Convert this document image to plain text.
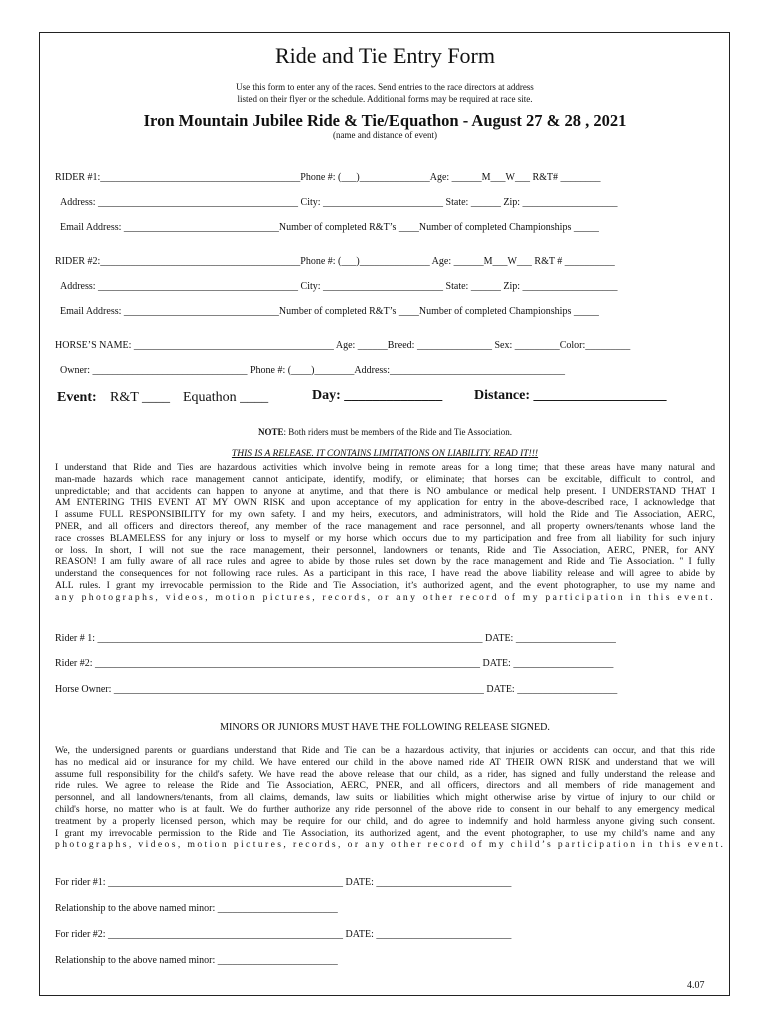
Ride and Tie Entry Form
Use this form to enter any of the races. Send entries to the race directors at address
listed on their flyer or the schedule. Additional forms may be required at race site.
Iron Mountain Jubilee Ride & Tie/Equathon - August 27 & 28 , 2021
(name and distance of event)
RIDER #1:________________________________________Phone #: (___)______________Age: ______M___W___ R&T# ________
Address: ________________________________________ City: ________________________ State: ______ Zip: ___________________
Email Address: _______________________________Number of completed R&T’s ____Number of completed Championships _____
RIDER #2:________________________________________Phone #: (___)______________ Age: ______M___W___ R&T # __________
Address: ________________________________________ City: ________________________ State: ______ Zip: ___________________
Email Address: _______________________________Number of completed R&T’s ____Number of completed Championships _____
HORSE’S NAME: ________________________________________ Age: ______Breed: _______________ Sex: _________Color:_________
Owner: _______________________________ Phone #: (____)________Address:___________________________________
Event: R&T ____ Equathon ____	Day: ______________ Distance: ___________________
NOTE: Both riders must be members of the Ride and Tie Association.
THIS IS A RELEASE. IT CONTAINS LIMITATIONS ON LIABILITY. READ IT!!!
I understand that Ride and Ties are hazardous activities which involve being in remote areas for a long time; that these areas have many natural and
man-made hazards which race management cannot anticipate, identify, modify, or eliminate; that horses can be excitable, difficult to control, and
unpredictable; and that accidents can happen to anyone at anytime, and that there is NO ambulance or medical help present. I UNDERSTAND THAT I
AM ENTERING THIS EVENT AT MY OWN RISK and upon acceptance of my application for entry in the above-described race, I acknowledge that
I assume FULL RESPONSIBILITY for my own safety. I and my heirs, executors, and administrators, will hold the Ride and Tie Association, AERC,
PNER, and all officers and directors thereof, any member of the race management and race personnel, and all property owners/tenants whose land the
race crosses BLAMELESS for any injury or loss to myself or my horse which occurs due to my participation and free from all liability for such injury
or loss. In short, I will not sue the race management, their personnel, landowners or tenants, Ride and Tie Association, AERC, PNER, for ANY
REASON! I am fully aware of all race rules and agree to abide by those rules set down by the race management and Ride and Tie Association. " I fully
understand the consequences for not following race rules. As a participant in this race, I have read the above liability release and will agree to abide by
ALL rules. I grant my irrevocable permission to the Ride and Tie Association, it’s authorized agent, and the event photographer, to use my name and
any photographs, videos, motion pictures, records, or any other record of my participation in this event.
Rider # 1: _____________________________________________________________________________ DATE: ____________________
Rider #2: _____________________________________________________________________________ DATE: ____________________
Horse Owner: __________________________________________________________________________ DATE: ____________________
MINORS OR JUNIORS MUST HAVE THE FOLLOWING RELEASE SIGNED.
We, the undersigned parents or guardians understand that Ride and Tie can be a hazardous activity, that injuries or accidents can occur, and that this ride
has no medical aid or insurance for my child. We have entered our child in the above named ride AT THEIR OWN RISK and understand that we will
assume full responsibility for the child's safety. We have read the above release that our child, as a rider, has signed and fully understand the release and
ride rules. We agree to release the Ride and Tie Association, AERC, PNER, and all officers, directors and all members of ride management and
personnel, and all landowners/tenants, from all claims, demands, law suits or liabilities which might otherwise arise by virtue of injury to our child or
child's horse, no matter who is at fault. We do further authorize any ride personnel of the above ride to consent in our behalf to any emergency medical
treatment by a properly licensed person, which may be require for our child, and do agree to indemnify and hold harmless anyone giving such consent.
I grant my irrevocable permission to the Ride and Tie Association, its authorized agent, and the event photographer, to use my child’s name and any
photographs, videos, motion pictures, records, or any other record of my child’s participation in this event.
For rider #1: _______________________________________________ DATE: ___________________________
Relationship to the above named minor: ________________________
For rider #2: _______________________________________________ DATE: ___________________________
Relationship to the above named minor: ________________________
4.07
